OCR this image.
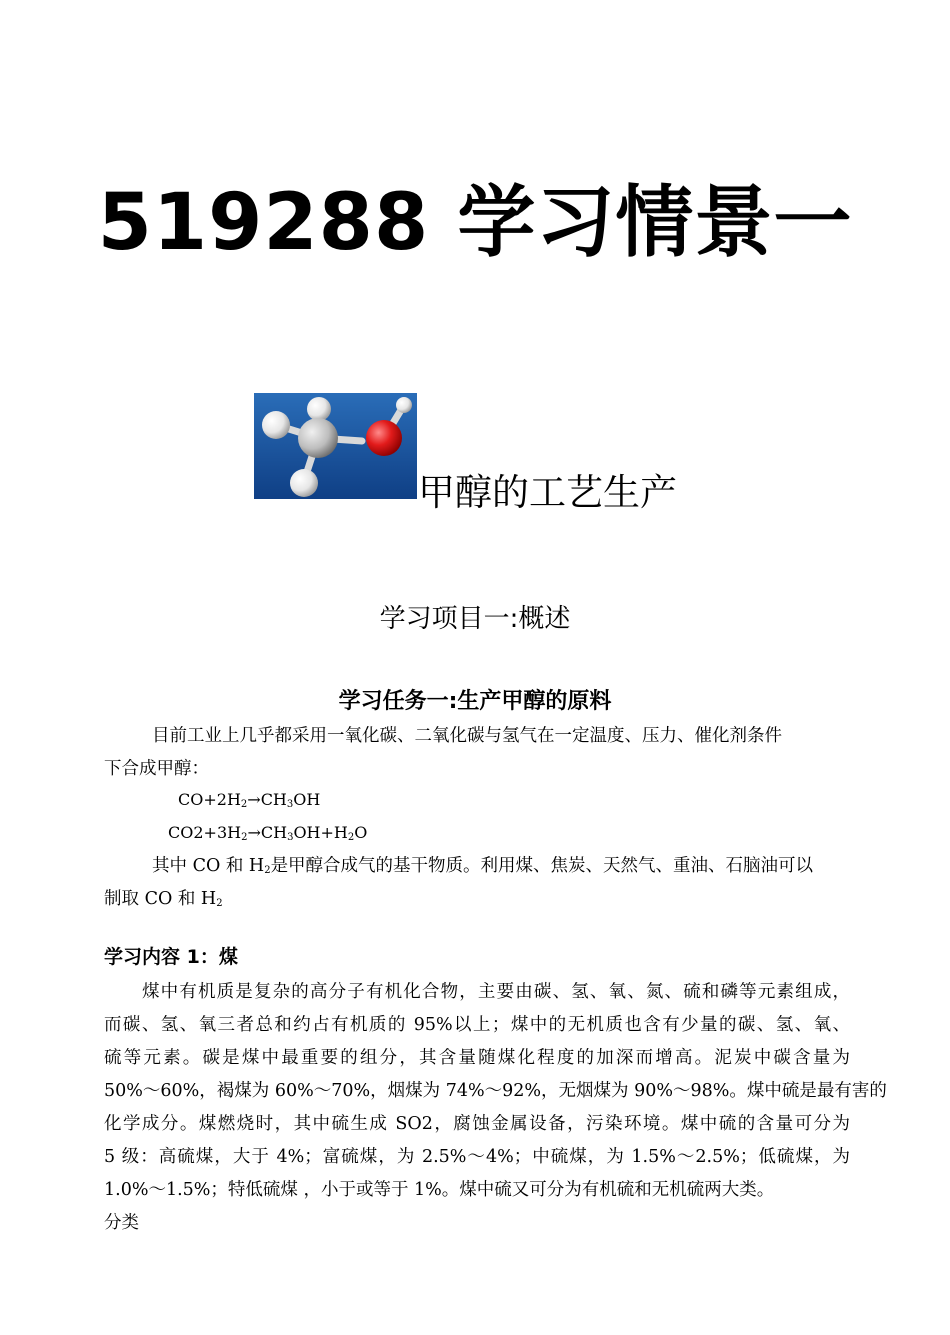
519288 学习情景一
甲醇的工艺生产
学习项目一:概述
学习任务一:生产甲醇的原料
目前工业上几乎都采用一氧化碳、二氧化碳与氢气在一定温度、压力、催化剂条件
下合成甲醇：
$CO+2H_2\to CH_3OH$
$CO2+3H_2\to CH_3OH+H_2O$
其中 CO 和 $H_2$是甲醇合成气的基干物质。利用煤、焦炭、天然气、重油、石脑油可以
制取 CO 和 $H_2$
学习内容 1：煤
煤中有机质是复杂的高分子有机化合物，主要由碳、氢、氧、氮、硫和磷等元素组成，
而碳、氢、氧三者总和约占有机质的 95%以上；煤中的无机质也含有少量的碳、氢、氧、
硫等元素。碳是煤中最重要的组分，其含量随煤化程度的加深而增高。泥炭中碳含量为
50%～60%，褐煤为 60%～70%，烟煤为 74%～92%，无烟煤为 90%～98%。煤中硫是最有害的
化学成分。煤燃烧时，其中硫生成 SO2，腐蚀金属设备，污染环境。煤中硫的含量可分为
5 级：高硫煤，大于 4%；富硫煤，为 2.5%～4%；中硫煤，为 1.5%～2.5%；低硫煤，为
1.0%～1.5%；特低硫煤 ，小于或等于 1%。煤中硫又可分为有机硫和无机硫两大类。
分类
